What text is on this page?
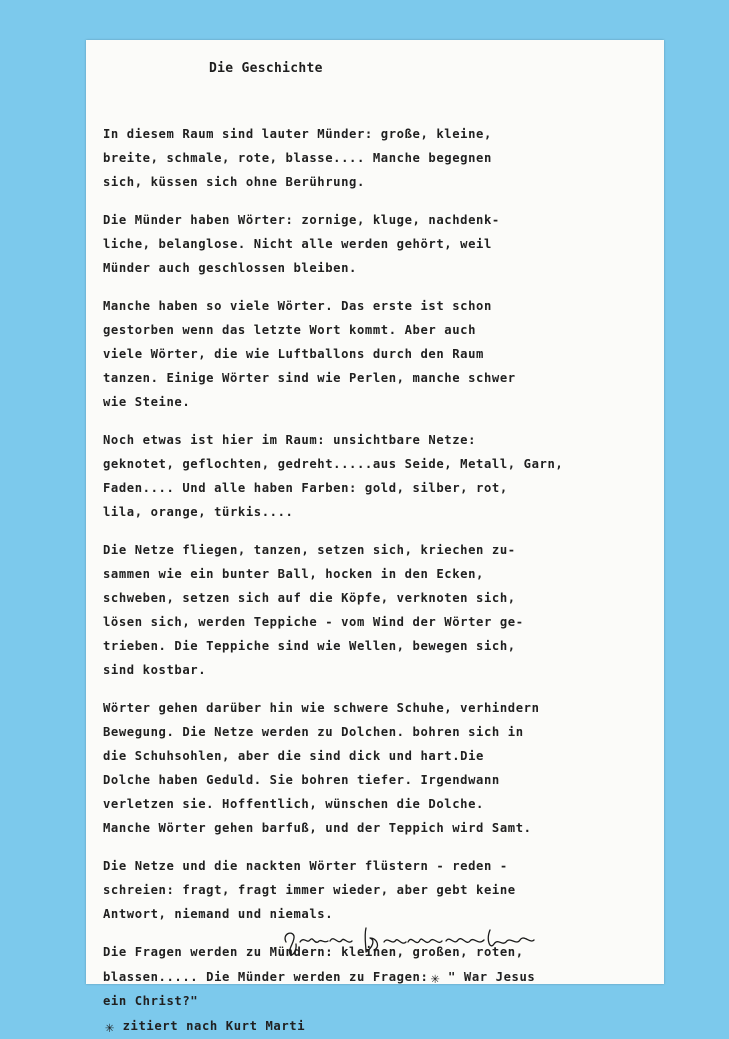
Die Geschichte
In diesem Raum sind lauter Münder: große, kleine,
breite, schmale, rote, blasse.... Manche begegnen
sich, küssen sich ohne Berührung.
Die Münder haben Wörter: zornige, kluge, nachdenk-
liche, belanglose. Nicht alle werden gehört, weil
Münder auch geschlossen bleiben.
Manche haben so viele Wörter. Das erste ist schon
gestorben wenn das letzte Wort kommt. Aber auch
viele Wörter, die wie Luftballons durch den Raum
tanzen. Einige Wörter sind wie Perlen, manche schwer
wie Steine.
Noch etwas ist hier im Raum: unsichtbare Netze:
geknotet, geflochten, gedreht.....aus Seide, Metall, Garn,
Faden.... Und alle haben Farben: gold, silber, rot,
lila, orange, türkis....
Die Netze fliegen, tanzen, setzen sich, kriechen zu-
sammen wie ein bunter Ball, hocken in den Ecken,
schweben, setzen sich auf die Köpfe, verknoten sich,
lösen sich, werden Teppiche - vom Wind der Wörter ge-
trieben. Die Teppiche sind wie Wellen, bewegen sich,
sind kostbar.
Wörter gehen darüber hin wie schwere Schuhe, verhindern
Bewegung. Die Netze werden zu Dolchen. bohren sich in
die Schuhsohlen, aber die sind dick und hart.Die
Dolche haben Geduld. Sie bohren tiefer. Irgendwann
verletzen sie. Hoffentlich, wünschen die Dolche.
Manche Wörter gehen barfuß, und der Teppich wird Samt.
Die Netze und die nackten Wörter flüstern - reden -
schreien: fragt, fragt immer wieder, aber gebt keine
Antwort, niemand und niemals.
Die Fragen werden zu Mündern: kleinen, großen, roten,
blassen..... Die Münder werden zu Fragen: ✳ " War Jesus
ein Christ?"
✳ zitiert nach Kurt Marti
